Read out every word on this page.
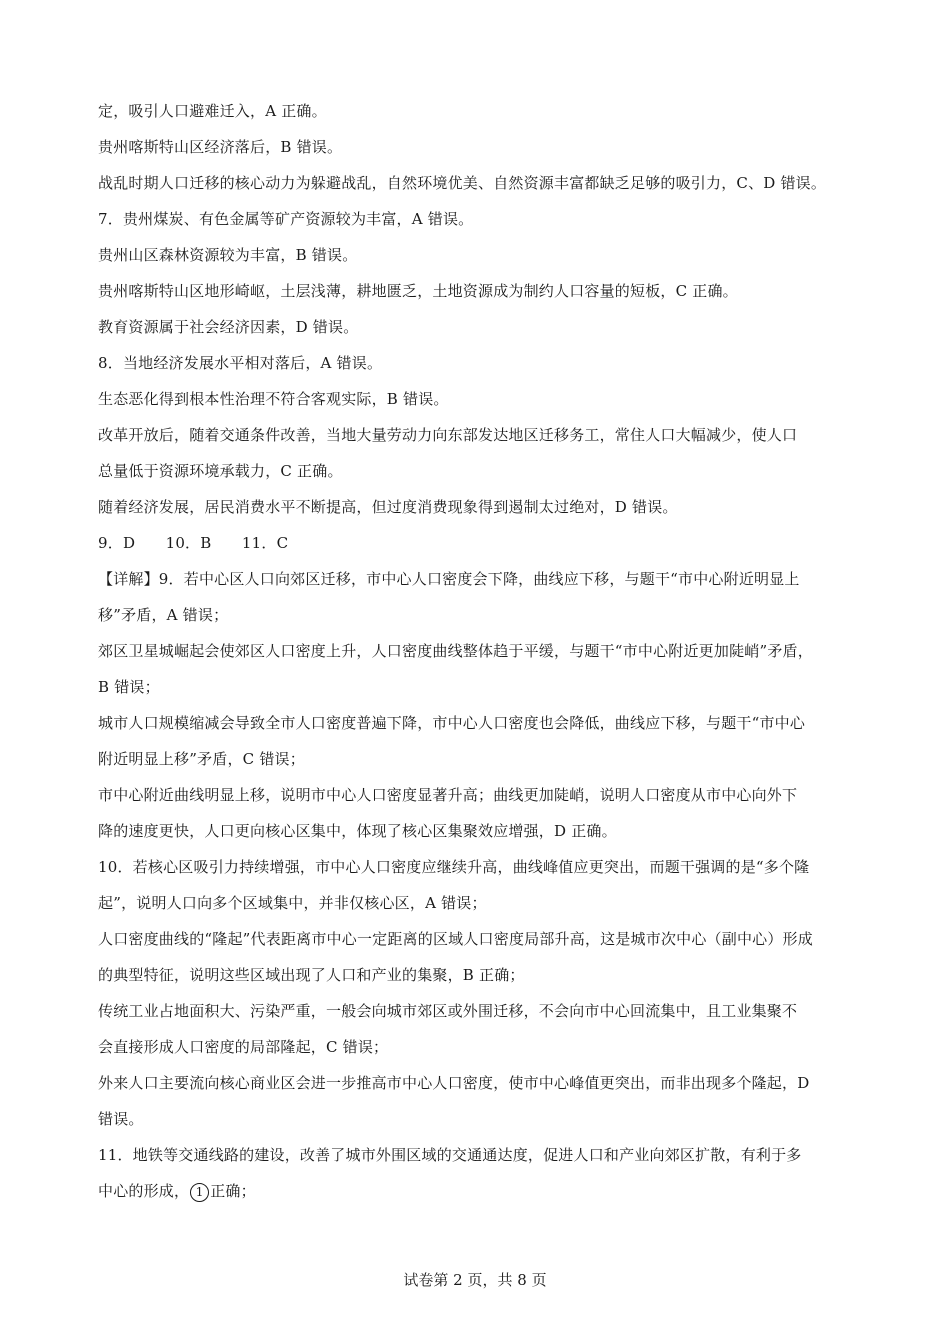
定，吸引人口避难迁入，A 正确。
贵州喀斯特山区经济落后，B 错误。
战乱时期人口迁移的核心动力为躲避战乱，自然环境优美、自然资源丰富都缺乏足够的吸引力，C、D 错误。
7．贵州煤炭、有色金属等矿产资源较为丰富，A 错误。
贵州山区森林资源较为丰富，B 错误。
贵州喀斯特山区地形崎岖，土层浅薄，耕地匮乏，土地资源成为制约人口容量的短板，C 正确。
教育资源属于社会经济因素，D 错误。
8．当地经济发展水平相对落后，A 错误。
生态恶化得到根本性治理不符合客观实际，B 错误。
改革开放后，随着交通条件改善，当地大量劳动力向东部发达地区迁移务工，常住人口大幅减少，使人口
总量低于资源环境承载力，C 正确。
随着经济发展，居民消费水平不断提高，但过度消费现象得到遏制太过绝对，D 错误。
9．D　　10．B　　11．C
【详解】9．若中心区人口向郊区迁移，市中心人口密度会下降，曲线应下移，与题干“市中心附近明显上
移”矛盾，A 错误；
郊区卫星城崛起会使郊区人口密度上升，人口密度曲线整体趋于平缓，与题干“市中心附近更加陡峭”矛盾，
B 错误；
城市人口规模缩减会导致全市人口密度普遍下降，市中心人口密度也会降低，曲线应下移，与题干“市中心
附近明显上移”矛盾，C 错误；
市中心附近曲线明显上移，说明市中心人口密度显著升高；曲线更加陡峭，说明人口密度从市中心向外下
降的速度更快，人口更向核心区集中，体现了核心区集聚效应增强，D 正确。
10．若核心区吸引力持续增强，市中心人口密度应继续升高，曲线峰值应更突出，而题干强调的是“多个隆
起”，说明人口向多个区域集中，并非仅核心区，A 错误；
人口密度曲线的“隆起”代表距离市中心一定距离的区域人口密度局部升高，这是城市次中心（副中心）形成
的典型特征，说明这些区域出现了人口和产业的集聚，B 正确；
传统工业占地面积大、污染严重，一般会向城市郊区或外围迁移，不会向市中心回流集中，且工业集聚不
会直接形成人口密度的局部隆起，C 错误；
外来人口主要流向核心商业区会进一步推高市中心人口密度，使市中心峰值更突出，而非出现多个隆起，D
错误。
11．地铁等交通线路的建设，改善了城市外围区域的交通通达度，促进人口和产业向郊区扩散，有利于多
中心的形成， 1 正确；
试卷第 2 页，共 8 页
